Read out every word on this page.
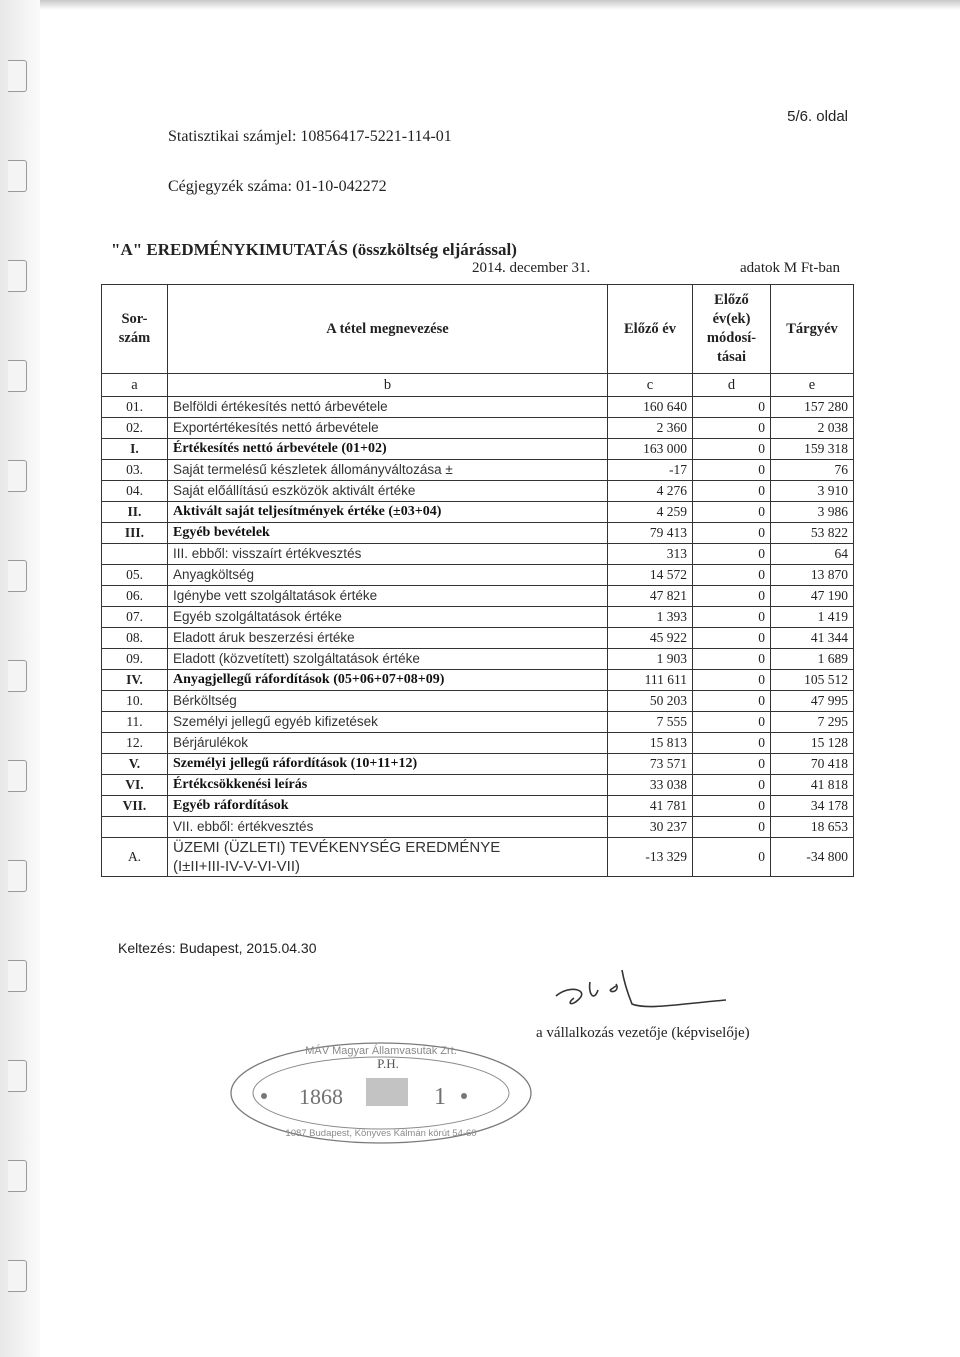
5/6. oldal
Statisztikai számjel: 10856417-5221-114-01
Cégjegyzék száma: 01-10-042272
"A" EREDMÉNYKIMUTATÁS (összköltség eljárással)
2014. december 31.	adatok M Ft-ban
Sor-szám	A tétel megnevezése	Előző év	Előző év(ek) módosí-tásai	Tárgyév
a	b	c	d	e
01.	Belföldi értékesítés nettó árbevétele	160 640	0	157 280
02.	Exportértékesítés nettó árbevétele	2 360	0	2 038
I.	Értékesítés nettó árbevétele (01+02)	163 000	0	159 318
03.	Saját termelésű készletek állományváltozása ±	-17	0	76
04.	Saját előállítású eszközök aktivált értéke	4 276	0	3 910
II.	Aktivált saját teljesítmények értéke (±03+04)	4 259	0	3 986
III.	Egyéb bevételek	79 413	0	53 822
	III. ebből: visszaírt értékvesztés	313	0	64
05.	Anyagköltség	14 572	0	13 870
06.	Igénybe vett szolgáltatások értéke	47 821	0	47 190
07.	Egyéb szolgáltatások értéke	1 393	0	1 419
08.	Eladott áruk beszerzési értéke	45 922	0	41 344
09.	Eladott (közvetített) szolgáltatások értéke	1 903	0	1 689
IV.	Anyagjellegű ráfordítások (05+06+07+08+09)	111 611	0	105 512
10.	Bérköltség	50 203	0	47 995
11.	Személyi jellegű egyéb kifizetések	7 555	0	7 295
12.	Bérjárulékok	15 813	0	15 128
V.	Személyi jellegű ráfordítások (10+11+12)	73 571	0	70 418
VI.	Értékcsökkenési leírás	33 038	0	41 818
VII.	Egyéb ráfordítások	41 781	0	34 178
	VII. ebből: értékvesztés	30 237	0	18 653
A.	ÜZEMI (ÜZLETI) TEVÉKENYSÉG EREDMÉNYE
(I±II+III-IV-V-VI-VII)	-13 329	0	-34 800
Keltezés: Budapest, 2015.04.30
a vállalkozás vezetője (képviselője)
MÁV Magyar Államvasutak Zrt.
1868
P.H.
1
1087 Budapest, Könyves Kálmán körút 54-60
